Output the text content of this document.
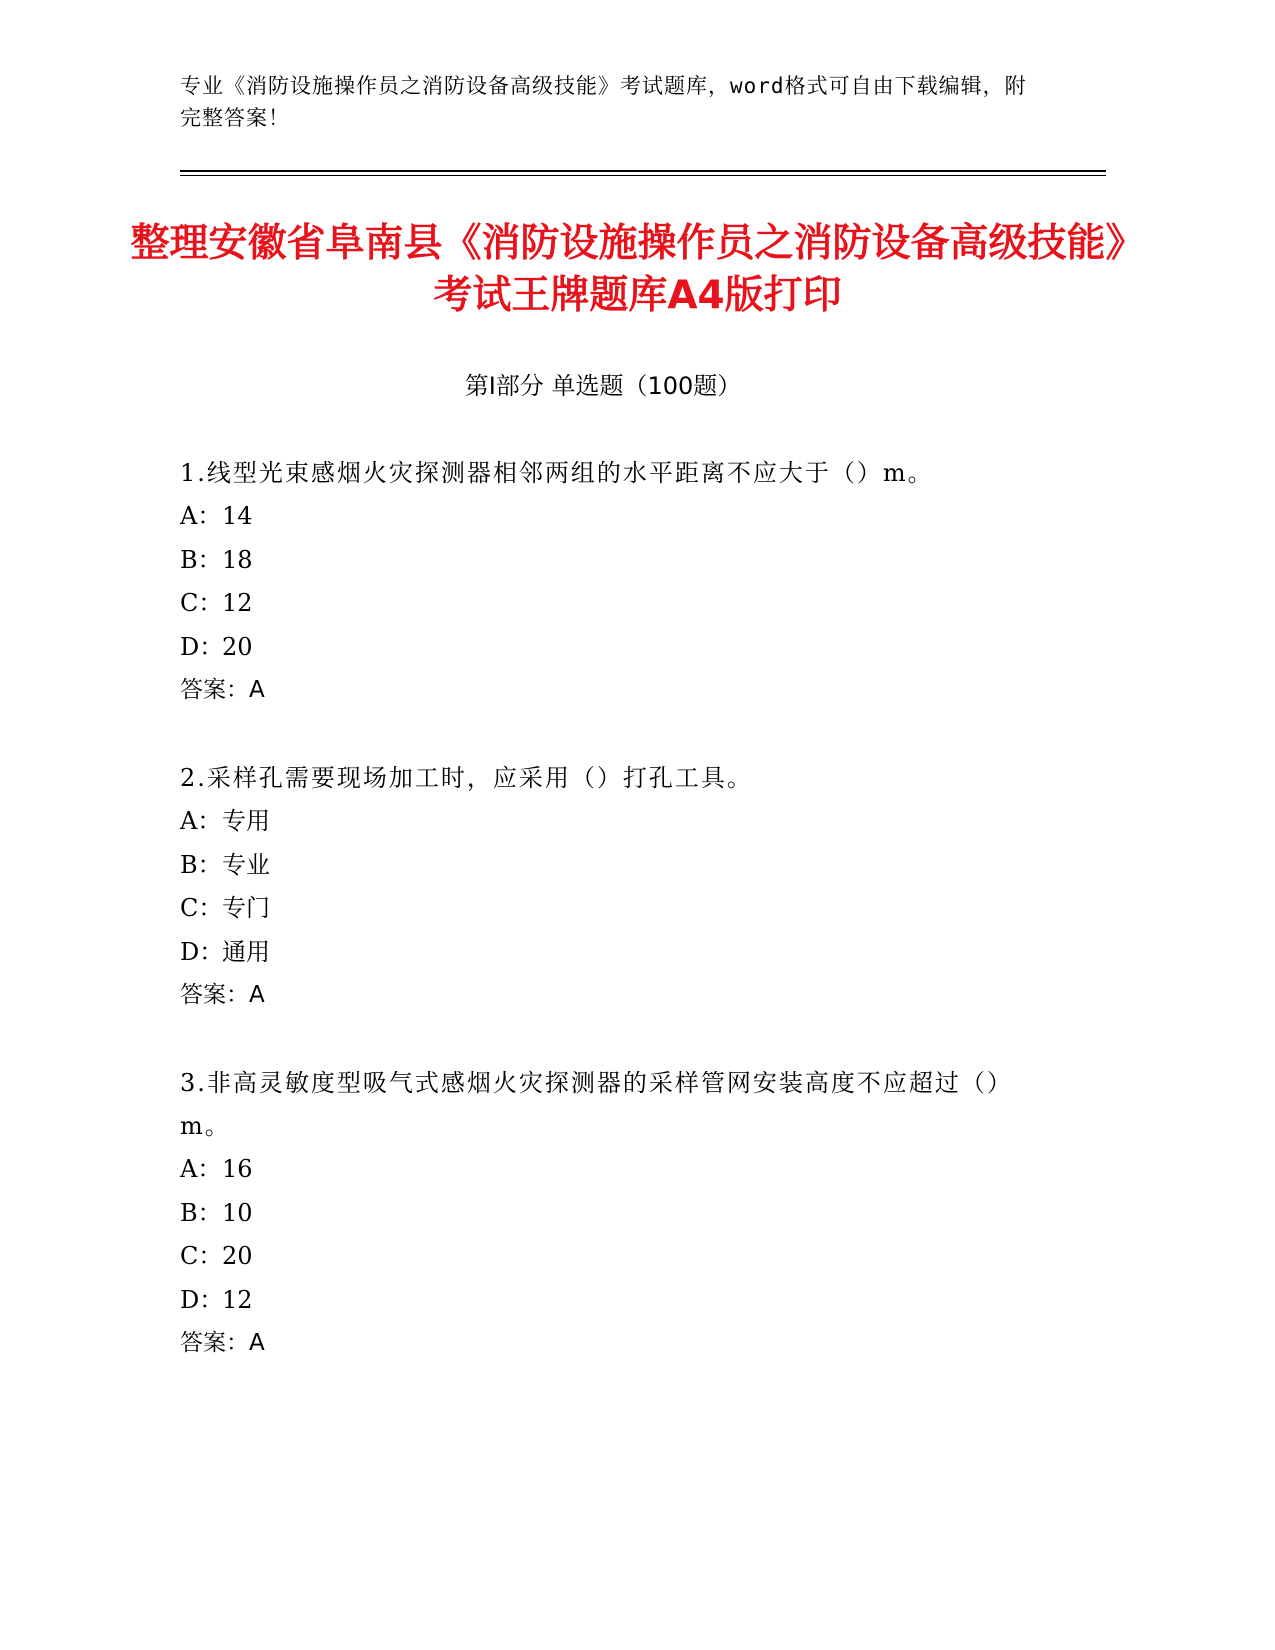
专业《消防设施操作员之消防设备高级技能》考试题库，word格式可自由下载编辑，附完整答案！
整理安徽省阜南县《消防设施操作员之消防设备高级技能》考试王牌题库A4版打印
第Ⅰ部分 单选题（100题）

1.线型光束感烟火灾探测器相邻两组的水平距离不应大于（）m。

A：14

B：18

C：12

D：20

答案：A

2.采样孔需要现场加工时，应采用（）打孔工具。

A：专用

B：专业

C：专门

D：通用

答案：A

3.非高灵敏度型吸气式感烟火灾探测器的采样管网安装高度不应超过（）m。

A：16

B：10

C：20

D：12

答案：A
